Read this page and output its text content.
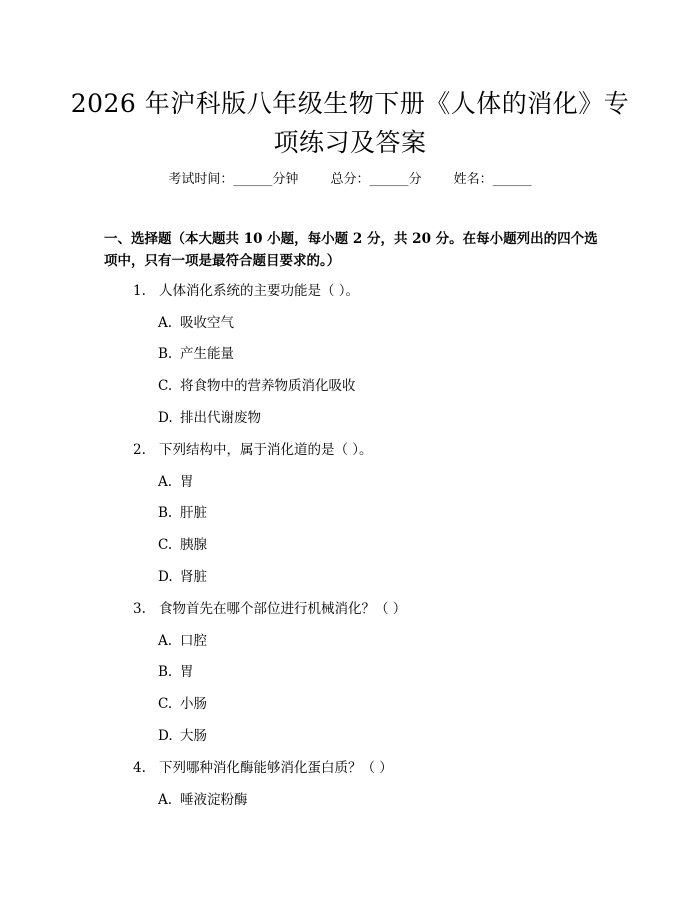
2026 年沪科版八年级生物下册《人体的消化》专项练习及答案
考试时间：______分钟 总分：______分 姓名：______

一、选择题（本大题共 10 小题，每小题 2 分，共 20 分。在每小题列出的四个选项中，只有一项是最符合题目要求的。）

1. 人体消化系统的主要功能是（ ）。
A. 吸收空气
B. 产生能量
C. 将食物中的营养物质消化吸收
D. 排出代谢废物
2. 下列结构中，属于消化道的是（ ）。
A. 胃
B. 肝脏
C. 胰腺
D. 肾脏
3. 食物首先在哪个部位进行机械消化？（ ）
A. 口腔
B. 胃
C. 小肠
D. 大肠
4. 下列哪种消化酶能够消化蛋白质？（ ）
A. 唾液淀粉酶
